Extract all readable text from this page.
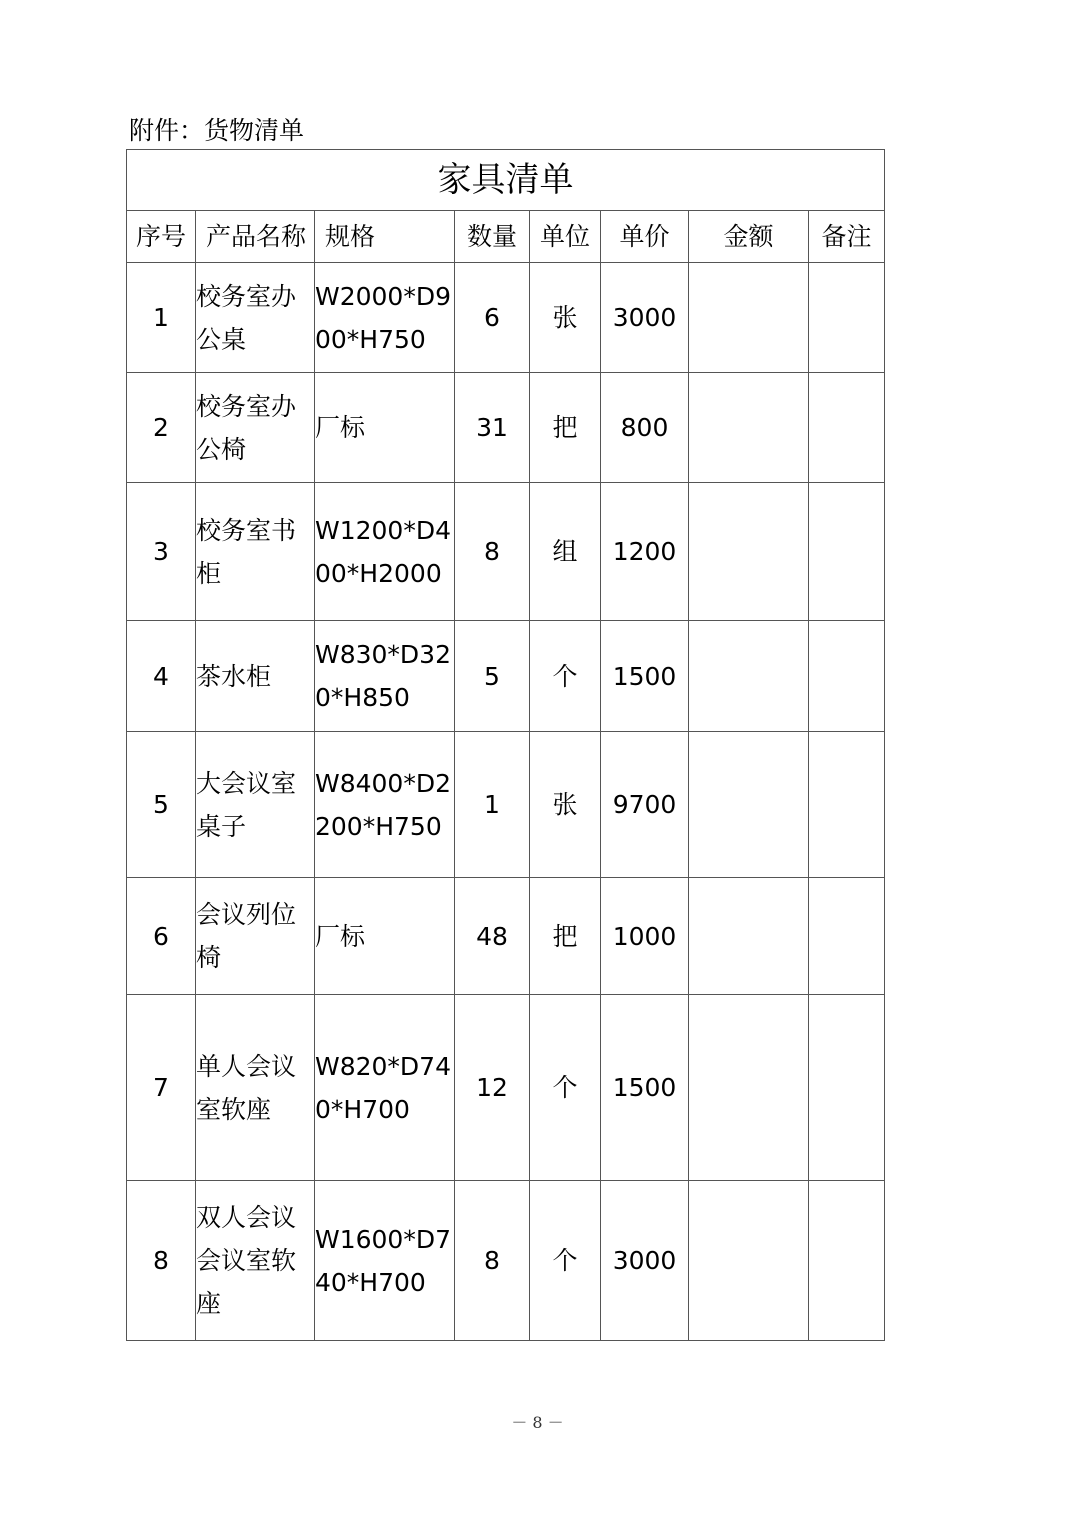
附件：货物清单
家具清单							
序号	产品名称	规格	数量	单位	单价	金额	备注
1	校务室办公桌	W2000*D900*H750	6	张	3000		
2	校务室办公椅	厂标	31	把	800		
3	校务室书柜	W1200*D400*H2000	8	组	1200		
4	茶水柜	W830*D320*H850	5	个	1500		
5	大会议室桌子	W8400*D2200*H750	1	张	9700		
6	会议列位椅	厂标	48	把	1000		
7	单人会议室软座	W820*D740*H700	12	个	1500		
8	双人会议会议室软座	W1600*D740*H700	8	个	3000		
－ 8 －
